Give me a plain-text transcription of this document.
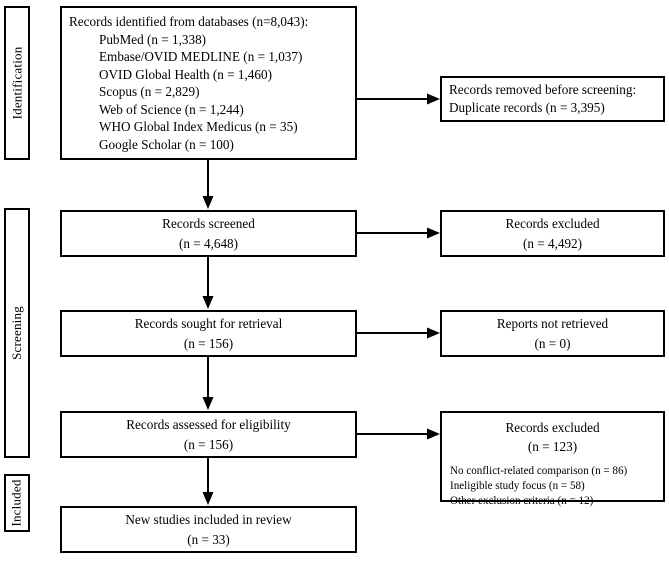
Identification
Screening
Included
Records identified from databases (n=8,043):
PubMed (n = 1,338)
Embase/OVID MEDLINE (n = 1,037)
OVID Global Health (n = 1,460)
Scopus (n = 2,829)
Web of Science (n = 1,244)
WHO Global Index Medicus (n = 35)
Google Scholar (n = 100)
Records removed before screening:
Duplicate records (n = 3,395)
Records screened
(n = 4,648)
Records excluded
(n = 4,492)
Records sought for retrieval
(n = 156)
Reports not retrieved
(n = 0)
Records assessed for eligibility
(n = 156)
Records excluded
(n = 123)
No conflict-related comparison (n = 86)
Ineligible study focus (n = 58)
Other exclusion criteria (n = 12)
New studies included in review
(n = 33)
